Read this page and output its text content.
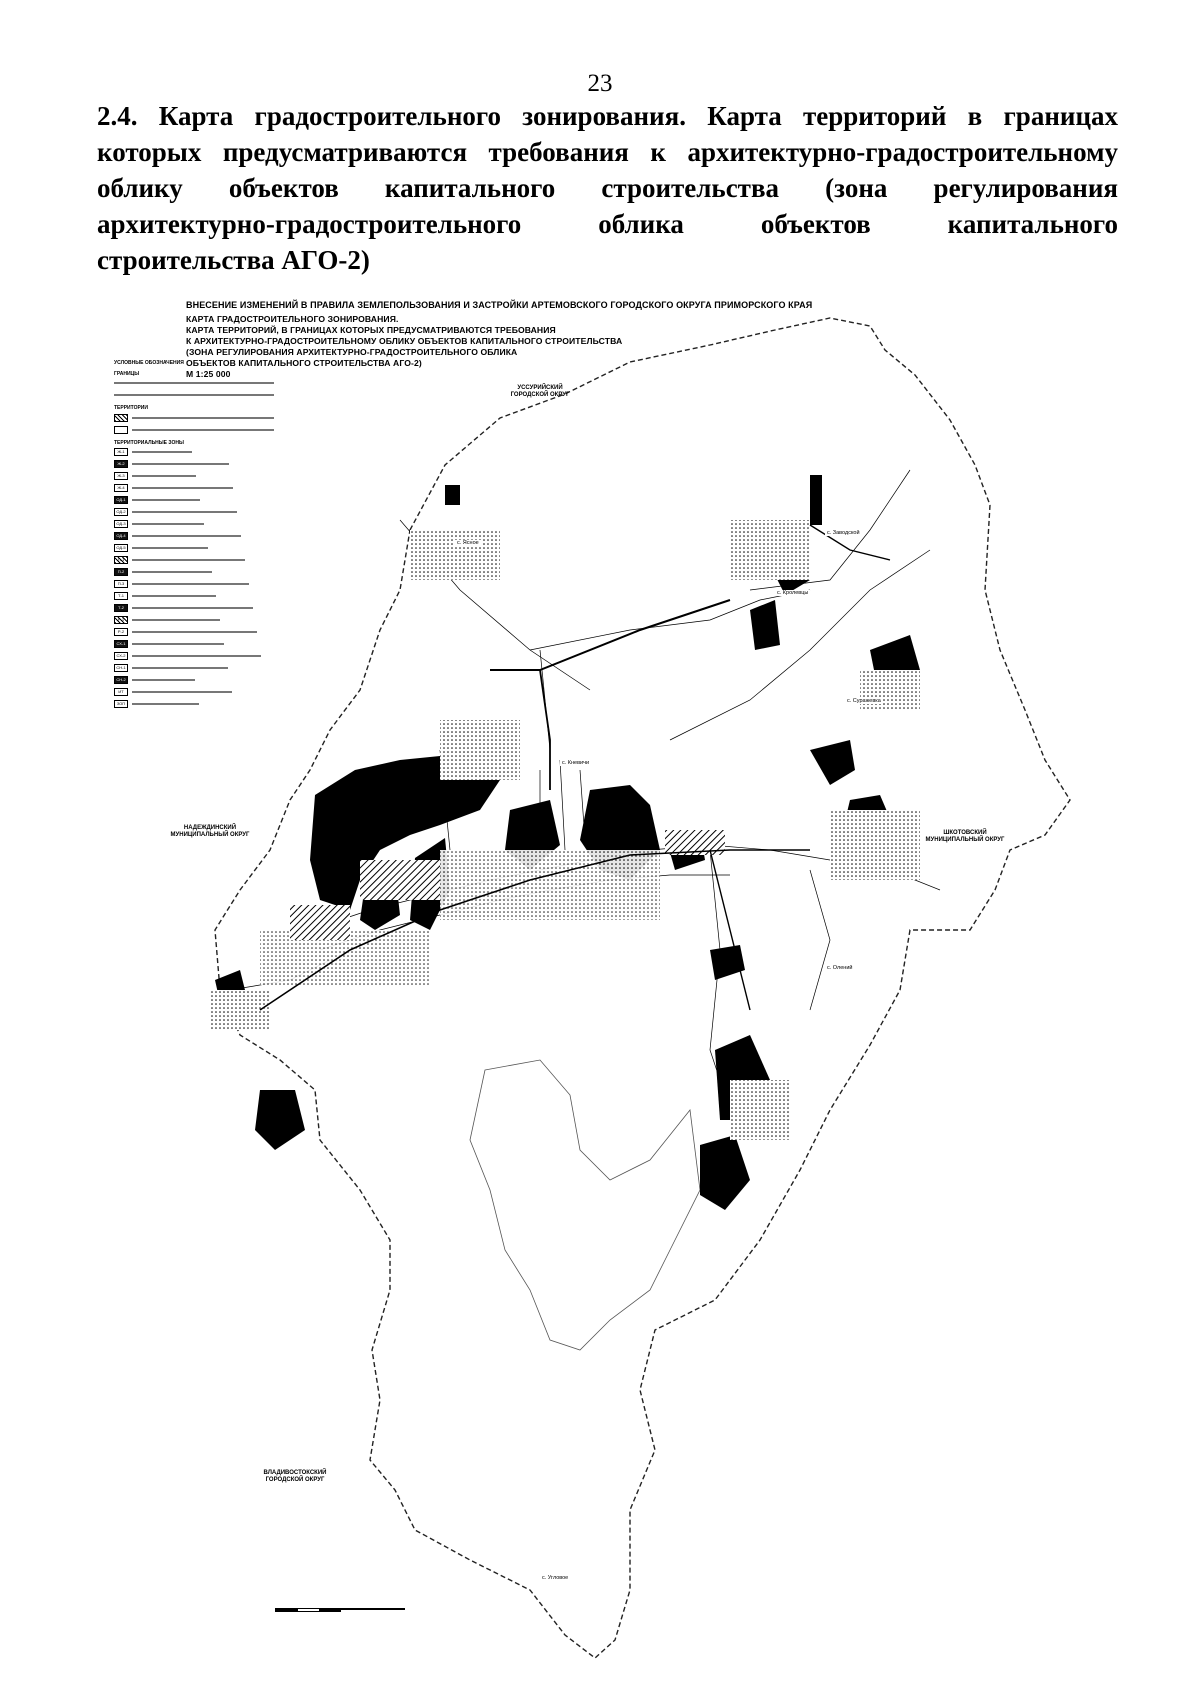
23
2.4. Карта градостроительного зонирования. Карта территорий в границах
которых предусматриваются требования к архитектурно-градостроительному
облику объектов капитального строительства (зона регулирования
архитектурно-градостроительного облика объектов капитального
строительства АГО-2)
ВНЕСЕНИЕ ИЗМЕНЕНИЙ В ПРАВИЛА ЗЕМЛЕПОЛЬЗОВАНИЯ И ЗАСТРОЙКИ АРТЕМОВСКОГО ГОРОДСКОГО ОКРУГА ПРИМОРСКОГО КРАЯ
КАРТА ГРАДОСТРОИТЕЛЬНОГО ЗОНИРОВАНИЯ.
КАРТА ТЕРРИТОРИЙ, В ГРАНИЦАХ КОТОРЫХ ПРЕДУСМАТРИВАЮТСЯ ТРЕБОВАНИЯ
К АРХИТЕКТУРНО-ГРАДОСТРОИТЕЛЬНОМУ ОБЛИКУ ОБЪЕКТОВ КАПИТАЛЬНОГО СТРОИТЕЛЬСТВА
(ЗОНА РЕГУЛИРОВАНИЯ АРХИТЕКТУРНО-ГРАДОСТРОИТЕЛЬНОГО ОБЛИКА
ОБЪЕКТОВ КАПИТАЛЬНОГО СТРОИТЕЛЬСТВА АГО-2)
М 1:25 000
УСЛОВНЫЕ ОБОЗНАЧЕНИЯ
ГРАНИЦЫ
ТЕРРИТОРИИ
ТЕРРИТОРИАЛЬНЫЕ ЗОНЫ
Ж-1
Ж-2
Ж-3
Ж-4
ОД-1
ОД-2
ОД-3
ОД-4
ОД-5
П-1
П-2
П-3
Т-1
Т-2
Р-1
Р-2
СХ-1
СХ-2
СН-1
СН-2
ИТ
ЗОП
УССУРИЙСКИЙ
ГОРОДСКОЙ ОКРУГ
ШКОТОВСКИЙ
МУНИЦИПАЛЬНЫЙ ОКРУГ
НАДЕЖДИНСКИЙ
МУНИЦИПАЛЬНЫЙ ОКРУГ
ВЛАДИВОСТОКСКИЙ
ГОРОДСКОЙ ОКРУГ
с. Ясное
с. Кневичи
с. Кролевцы
с. Суражевка
с. Олений
с. Угловое
с. Заводской
